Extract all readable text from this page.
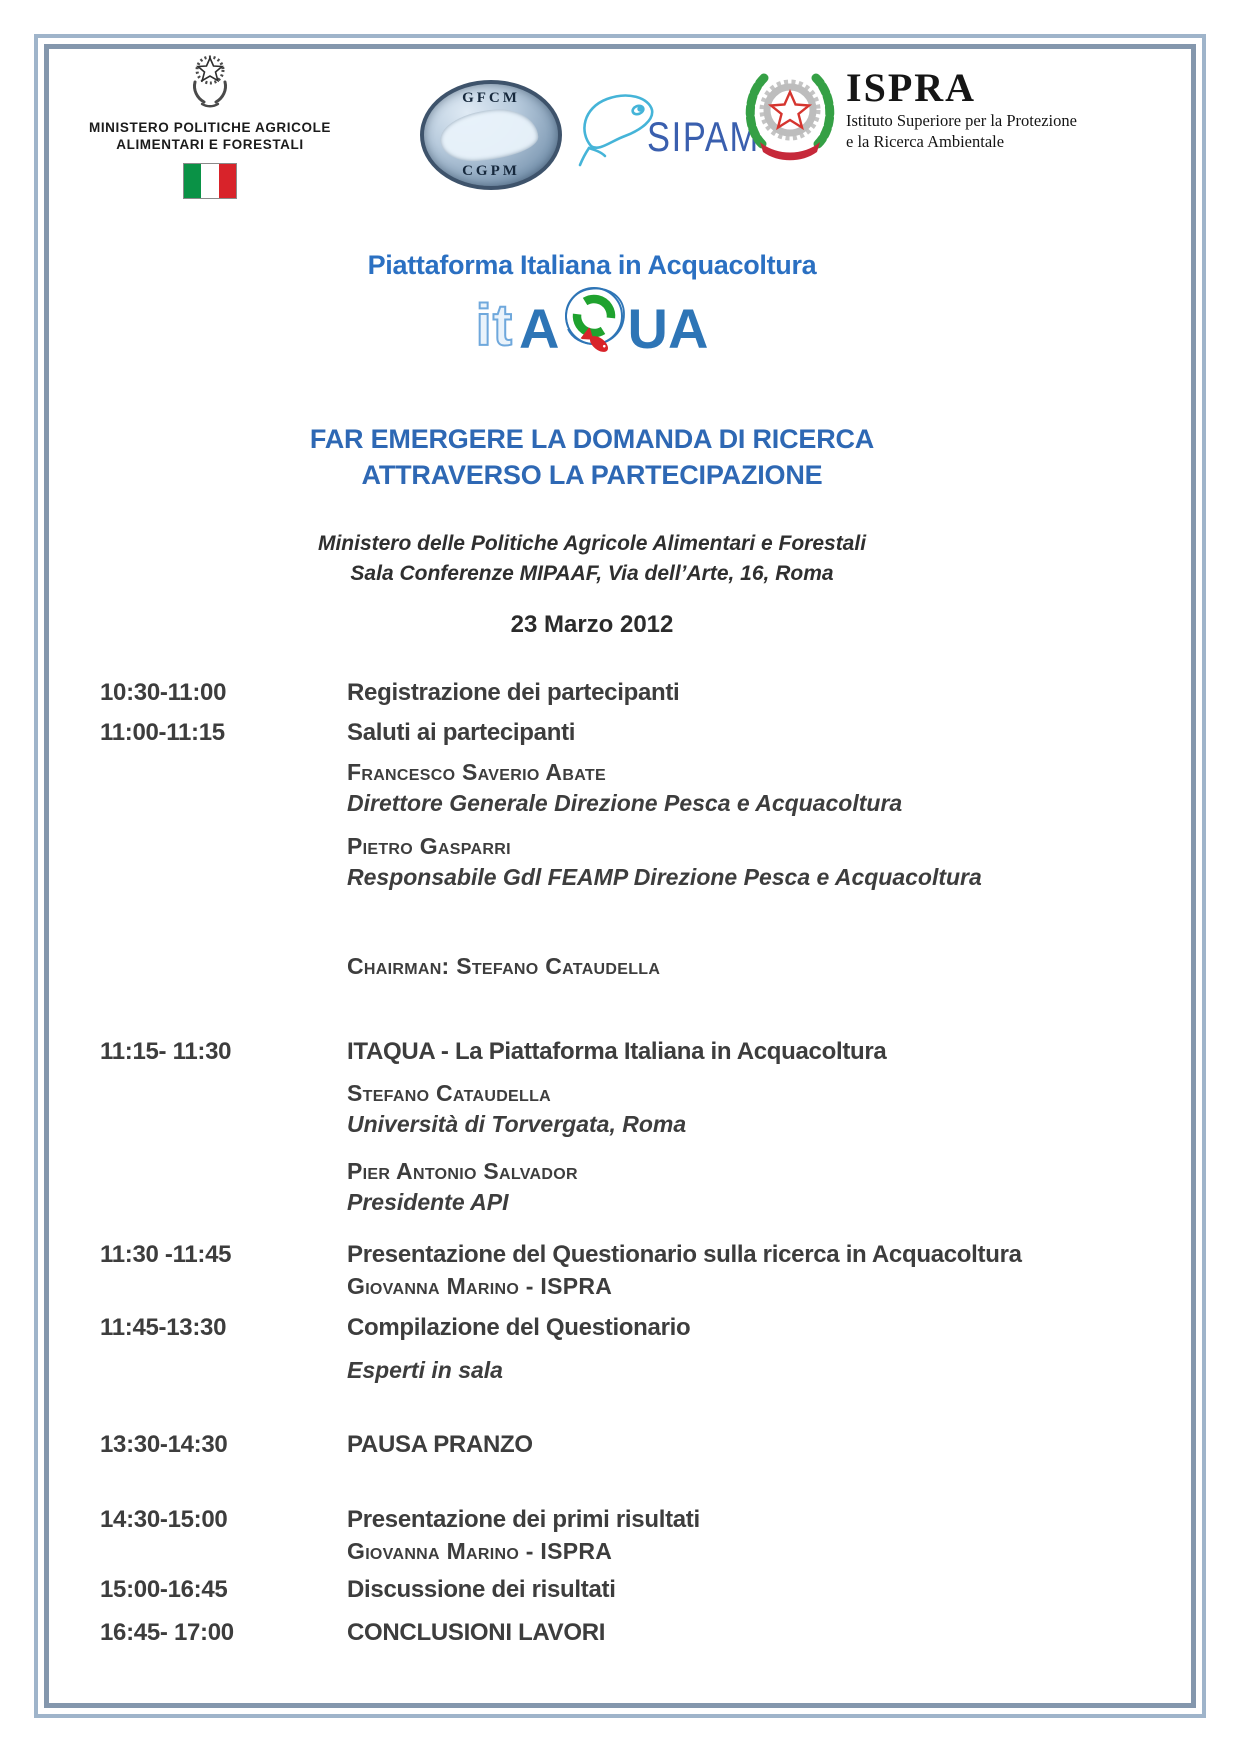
MINISTERO POLITICHE AGRICOLE
ALIMENTARI E FORESTALI
GFCM
CGPM
SIPAM
ISPRA
Istituto Superiore per la Protezione
e la Ricerca Ambientale
Piattaforma Italiana in Acquacoltura
it A UA
FAR EMERGERE LA DOMANDA DI RICERCA
ATTRAVERSO LA PARTECIPAZIONE
Ministero delle Politiche Agricole Alimentari e Forestali
Sala Conferenze MIPAAF, Via dell’Arte, 16, Roma
23 Marzo 2012
10:30-11:00	Registrazione dei partecipanti
11:00-11:15	Saluti ai partecipanti
Francesco Saverio Abate
Direttore Generale Direzione Pesca e Acquacoltura
Pietro Gasparri
Responsabile Gdl FEAMP Direzione Pesca e Acquacoltura
Chairman: Stefano Cataudella
11:15- 11:30	ITAQUA - La Piattaforma Italiana in Acquacoltura
Stefano Cataudella
Università di Torvergata, Roma
Pier Antonio Salvador
Presidente API
11:30 -11:45	Presentazione del Questionario sulla ricerca in Acquacoltura
Giovanna Marino - ISPRA
11:45-13:30	Compilazione del Questionario
Esperti in sala
13:30-14:30	PAUSA PRANZO
14:30-15:00	Presentazione dei primi risultati
Giovanna Marino - ISPRA
15:00-16:45	Discussione dei risultati
16:45- 17:00	CONCLUSIONI LAVORI
